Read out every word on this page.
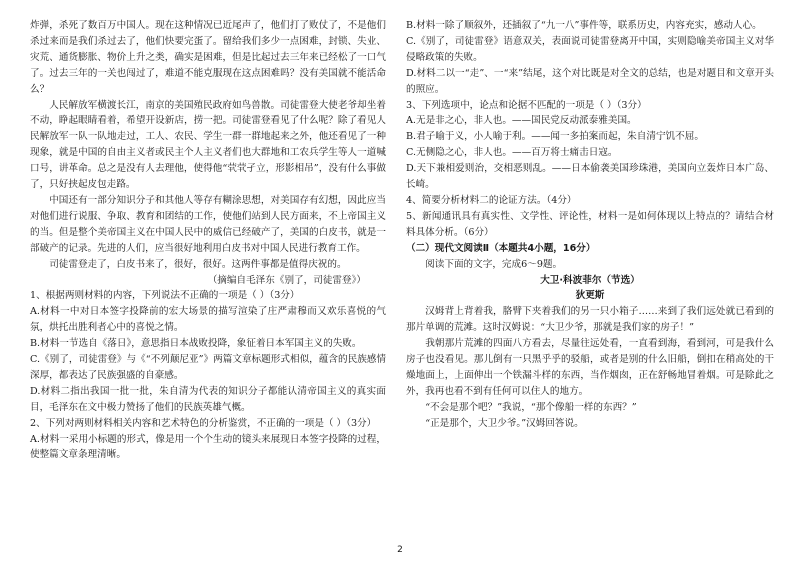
炸弹，杀死了数百万中国人。现在这种情况已近尾声了，他们打了败仗了，不是他们杀过来而是我们杀过去了，他们快要完蛋了。留给我们多少一点困难，封锁、失业、灾荒、通货膨胀、物价上升之类，确实是困难，但是比起过去三年来已经松了一口气了。过去三年的一关也闯过了，难道不能克服现在这点困难吗？没有美国就不能活命么？

人民解放军横渡长江，南京的美国殖民政府如鸟兽散。司徒雷登大使老爷却坐着不动，睁起眼睛看着，希望开设新店，捞一把。司徒雷登看见了什么呢？除了看见人民解放军一队一队地走过，工人、农民、学生一群一群地起来之外，他还看见了一种现象，就是中国的自由主义者或民主个人主义者们也大群地和工农兵学生等人一道喊口号，讲革命。总之是没有人去理他，使得他“茕茕孑立，形影相吊”，没有什么事做了，只好挟起皮包走路。

中国还有一部分知识分子和其他人等存有糊涂思想，对美国存有幻想，因此应当对他们进行说服、争取、教育和团结的工作，使他们站到人民方面来，不上帝国主义的当。但是整个美帝国主义在中国人民中的威信已经破产了，美国的白皮书，就是一部破产的记录。先进的人们，应当很好地利用白皮书对中国人民进行教育工作。

司徒雷登走了，白皮书来了，很好，很好。这两件事都是值得庆祝的。

（摘编自毛泽东《别了，司徒雷登》）

1、根据两则材料的内容，下列说法不正确的一项是（ ）（3分）

A.材料一中对日本签字投降前的宏大场景的描写渲染了庄严肃穆而又欢乐喜悦的气氛，烘托出胜利者心中的喜悦之情。

B.材料一节选自《落日》，意思指日本战败投降，象征着日本军国主义的失败。

C.《别了，司徒雷登》与《“不列颠尼亚”》两篇文章标题形式相似，蕴含的民族感情深厚，都表达了民族强盛的自豪感。

D.材料二指出我国一批一批，朱自清为代表的知识分子都能认清帝国主义的真实面目，毛泽东在文中极力赞扬了他们的民族英雄气概。

2、下列对两则材料相关内容和艺术特色的分析鉴赏，不正确的一项是（ ）（3分）

A.材料一采用小标题的形式，像是用一个个生动的镜头来展现日本签字投降的过程，使整篇文章条理清晰。

B.材料一除了顺叙外，还插叙了“九一八”事件等，联系历史，内容充实，感动人心。

C.《别了，司徒雷登》语意双关，表面说司徒雷登离开中国，实则隐喻美帝国主义对华侵略政策的失败。

D.材料二以一“走”、一“来”结尾，这个对比既是对全文的总结，也是对题目和文章开头的照应。

3、下列选项中，论点和论据不匹配的一项是（ ）（3分）

A.无是非之心，非人也。——国民党反动派泰雅美国。

B.君子喻于义，小人喻于利。——闻一多拍案而起，朱自清宁饥不屈。

C.无侧隐之心，非人也。——百万将士痛击日寇。

D.天下兼相爱则治，交相恶则乱。——日本偷袭美国珍珠港，美国向立轰炸日本广岛、长崎。

4、简要分析材料二的论证方法。（4分）

5、新闻通讯具有真实性、文学性、评论性，材料一是如何体现以上特点的？请结合材料具体分析。（6分）

（二）现代文阅读Ⅱ（本题共4小题，16分）

阅读下面的文字，完成6～9题。

大卫·科波菲尔（节选）

狄更斯

汉姆背上背着我，胳臂下夹着我们的另一只小箱子……来到了我们远处就已看到的那片单调的荒滩。这时汉姆说：“大卫少爷，那就是我们家的房子！”

我朝那片荒滩的四面八方看去，尽量往远处看，一直看到海，看到河，可是我什么房子也没看见。那儿倒有一只黑乎乎的驳船，或者是别的什么旧船，倒扣在稍高处的干燥地面上，上面伸出一个铁漏斗样的东西，当作烟囱，正在舒畅地冒着烟。可是除此之外，我再也看不到有任何可以住人的地方。

“不会是那个吧？”我说，“那个像船一样的东西？”

“正是那个，大卫少爷。”汉姆回答说。

2
